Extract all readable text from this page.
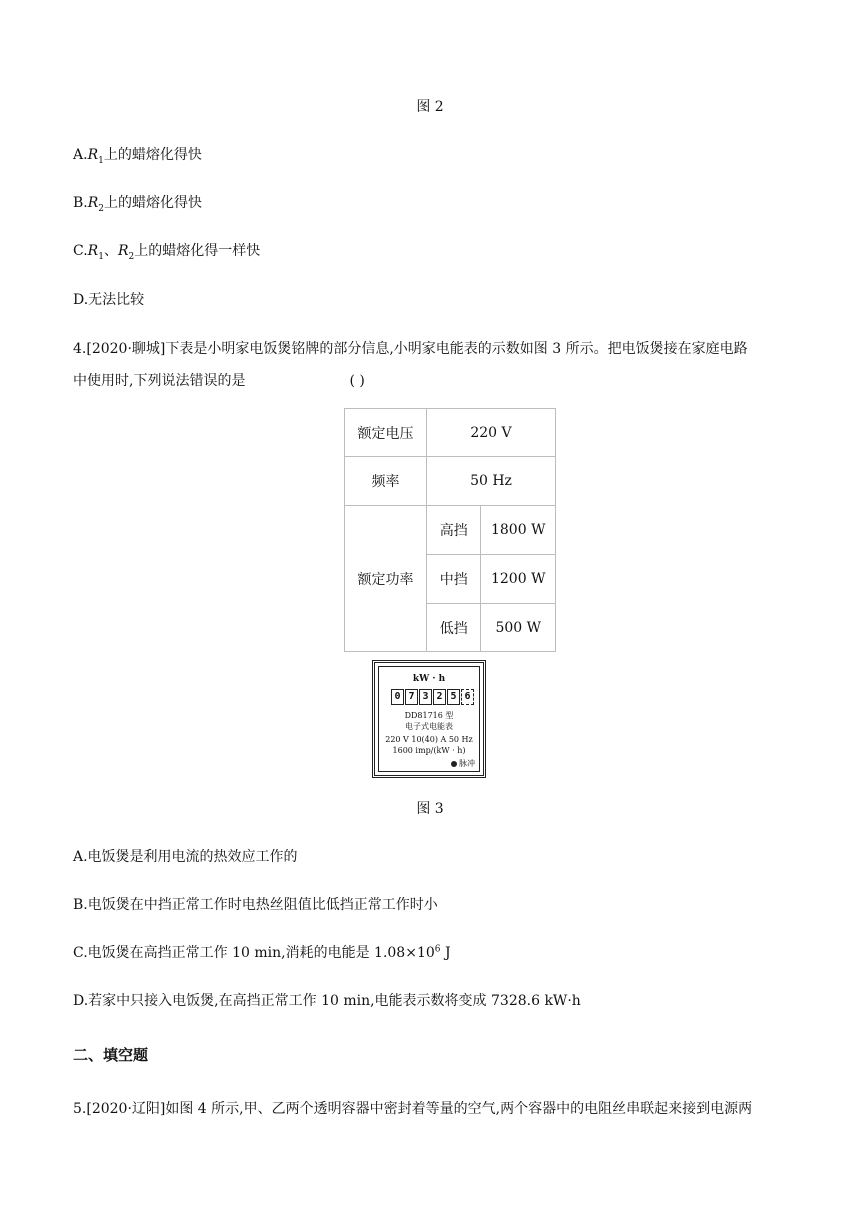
图 2
$A.R_1$上的蜡熔化得快
$B.R_2$上的蜡熔化得快
$C.R_1$、$R_2$上的蜡熔化得一样快
D.无法比较
4.[2020·聊城]下表是小明家电饭煲铭牌的部分信息,小明家电能表的示数如图 3 所示。把电饭煲接在家庭电路
中使用时,下列说法错误的是	( )
额定电压	220 V	
频率	50 Hz	
额定功率	高挡	1800 W
	中挡	1200 W
	低挡	500 W
kW · h
0 7 3 2 5 6
DD81716 型
电子式电能表
220 V 10(40) A 50 Hz
1600 imp/(kW · h)
脉冲
图 3
A.电饭煲是利用电流的热效应工作的
B.电饭煲在中挡正常工作时电热丝阻值比低挡正常工作时小
C.电饭煲在高挡正常工作 10 min,消耗的电能是 $1.08\times 10^6$ J
D.若家中只接入电饭煲,在高挡正常工作 10 min,电能表示数将变成 7328.6 kW·h
二、填空题
5.[2020·辽阳]如图 4 所示,甲、乙两个透明容器中密封着等量的空气,两个容器中的电阻丝串联起来接到电源两
